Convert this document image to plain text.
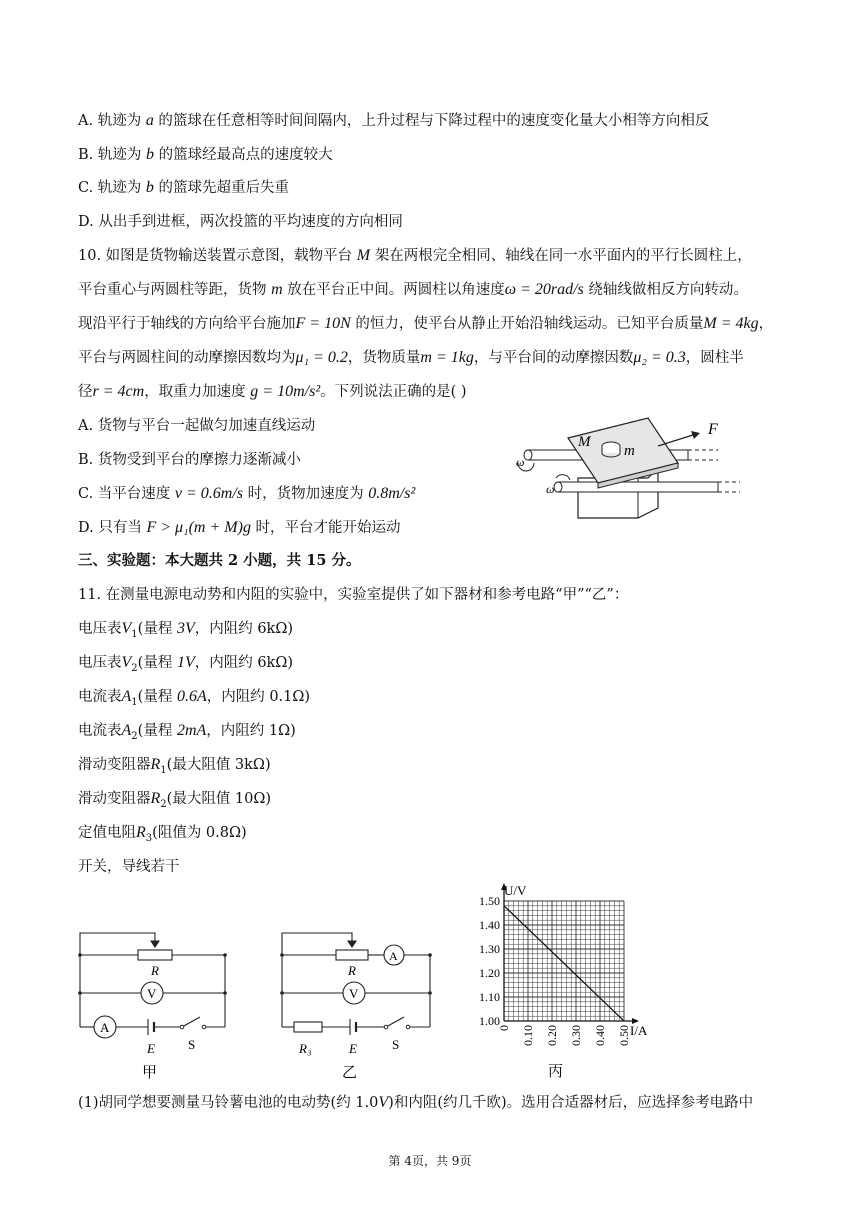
A. 轨迹为 a 的篮球在任意相等时间间隔内，上升过程与下降过程中的速度变化量大小相等方向相反
B. 轨迹为 b 的篮球经最高点的速度较大
C. 轨迹为 b 的篮球先超重后失重
D. 从出手到进框，两次投篮的平均速度的方向相同
10. 如图是货物输送装置示意图，载物平台 M 架在两根完全相同、轴线在同一水平面内的平行长圆柱上，
平台重心与两圆柱等距，货物 m 放在平台正中间。两圆柱以角速度ω = 20rad/s 绕轴线做相反方向转动。
现沿平行于轴线的方向给平台施加F = 10N 的恒力，使平台从静止开始沿轴线运动。已知平台质量M = 4kg，
平台与两圆柱间的动摩擦因数均为μ₁ = 0.2，货物质量m = 1kg，与平台间的动摩擦因数μ₂ = 0.3，圆柱半
径r = 4cm，取重力加速度 g = 10m/s²。下列说法正确的是( )
A. 货物与平台一起做匀加速直线运动
B. 货物受到平台的摩擦力逐渐减小
C. 当平台速度 v = 0.6m/s 时，货物加速度为 0.8m/s²
D. 只有当 F > μ₁(m + M)g 时，平台才能开始运动
F
M
m
ω
ω
三、实验题：本大题共 2 小题，共 15 分。
11. 在测量电源电动势和内阻的实验中，实验室提供了如下器材和参考电路“甲”“乙”：
电压表$V_1$(量程 3V，内阻约 6kΩ)
电压表$V_2$(量程 1V，内阻约 6kΩ)
电流表$A_1$(量程 0.6A，内阻约 0.1Ω)
电流表$A_2$(量程 2mA，内阻约 1Ω)
滑动变阻器$R_1$(最大阻值 3kΩ)
滑动变阻器$R_2$(最大阻值 10Ω)
定值电阻$R_3$(阻值为 0.8Ω)
开关，导线若干
R
V
A
E	S
甲
R
A
V
R₃	E	S
乙
1.00
1.10
1.20
1.30
1.40
1.50
0 0.10 0.20 0.30 0.40 0.50
U/V
I/A
丙
(1)胡同学想要测量马铃薯电池的电动势(约 1.0V)和内阻(约几千欧)。选用合适器材后，应选择参考电路中
第 4页，共 9页
